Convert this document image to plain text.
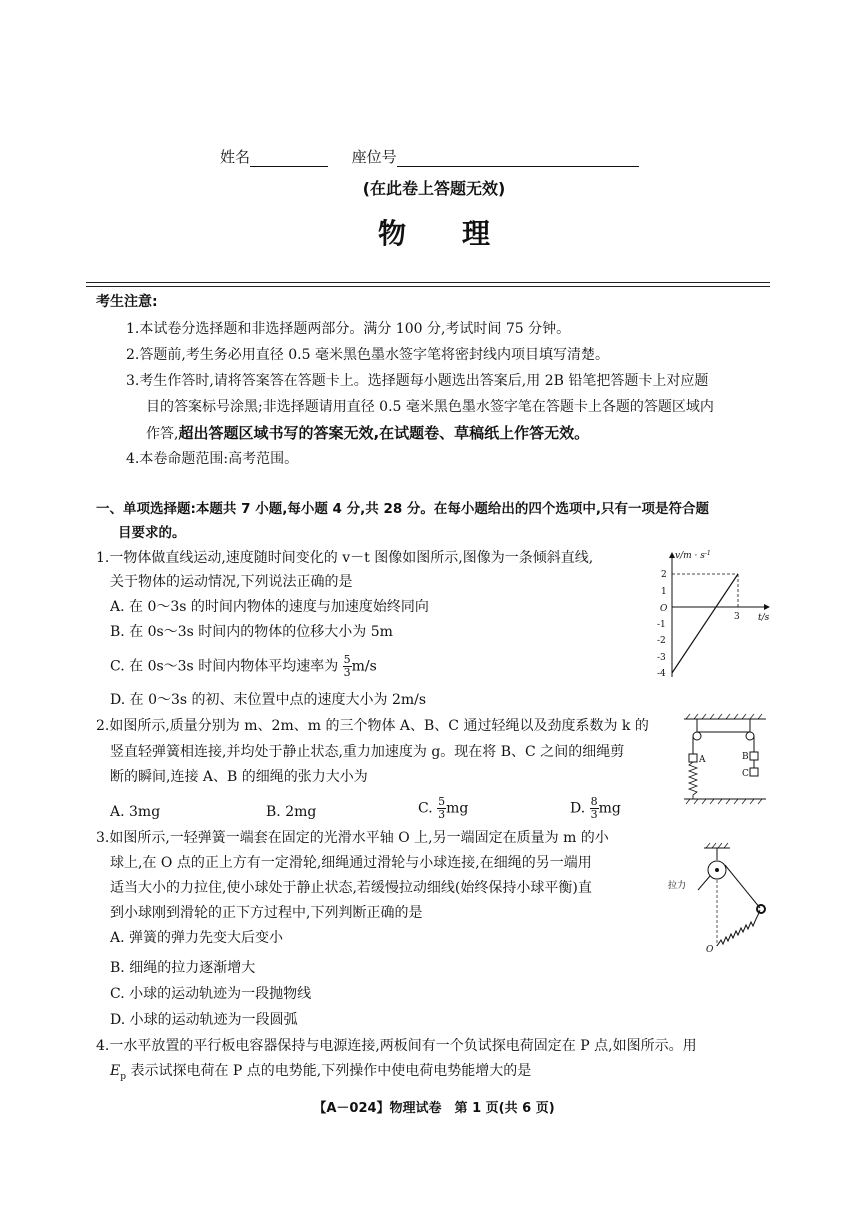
姓名	座位号
(在此卷上答题无效)
物　　理
考生注意:
1.本试卷分选择题和非选择题两部分。满分 100 分,考试时间 75 分钟。
2.答题前,考生务必用直径 0.5 毫米黑色墨水签字笔将密封线内项目填写清楚。
3.考生作答时,请将答案答在答题卡上。选择题每小题选出答案后,用 2B 铅笔把答题卡上对应题
目的答案标号涂黑;非选择题请用直径 0.5 毫米黑色墨水签字笔在答题卡上各题的答题区域内
作答,超出答题区域书写的答案无效,在试题卷、草稿纸上作答无效。
4.本卷命题范围:高考范围。
一、单项选择题:本题共 7 小题,每小题 4 分,共 28 分。在每小题给出的四个选项中,只有一项是符合题
目要求的。
1.一物体做直线运动,速度随时间变化的 v－t 图像如图所示,图像为一条倾斜直线,
关于物体的运动情况,下列说法正确的是
A. 在 0～3s 的时间内物体的速度与加速度始终同向
B. 在 0s～3s 时间内的物体的位移大小为 5m
C. 在 0s～3s 时间内物体平均速率为 $\frac{5}{3} m/s$
D. 在 0～3s 的初、末位置中点的速度大小为 2m/s
$v/m \cdot s^{-1}$
t/s
O
2
1
-1
-2
-3
-4
3
2.如图所示,质量分别为 m、2m、m 的三个物体 A、B、C 通过轻绳以及劲度系数为 k 的
竖直轻弹簧相连接,并均处于静止状态,重力加速度为 g。现在将 B、C 之间的细绳剪
断的瞬间,连接 A、B 的细绳的张力大小为
A. 3mg	B. 2mg	C. $\frac{5}{3}$ mg	D. $\frac{8}{3}$ mg
A	B
C
3.如图所示,一轻弹簧一端套在固定的光滑水平轴 O 上,另一端固定在质量为 m 的小
球上,在 O 点的正上方有一定滑轮,细绳通过滑轮与小球连接,在细绳的另一端用
适当大小的力拉住,使小球处于静止状态,若缓慢拉动细线(始终保持小球平衡)直
到小球刚到滑轮的正下方过程中,下列判断正确的是
A. 弹簧的弹力先变大后变小
B. 细绳的拉力逐渐增大
C. 小球的运动轨迹为一段抛物线
D. 小球的运动轨迹为一段圆弧
拉力
O
4.一水平放置的平行板电容器保持与电源连接,两板间有一个负试探电荷固定在 P 点,如图所示。用
$E_p$ 表示试探电荷在 P 点的电势能,下列操作中使电荷电势能增大的是
【A－024】物理试卷　第 1 页(共 6 页)
